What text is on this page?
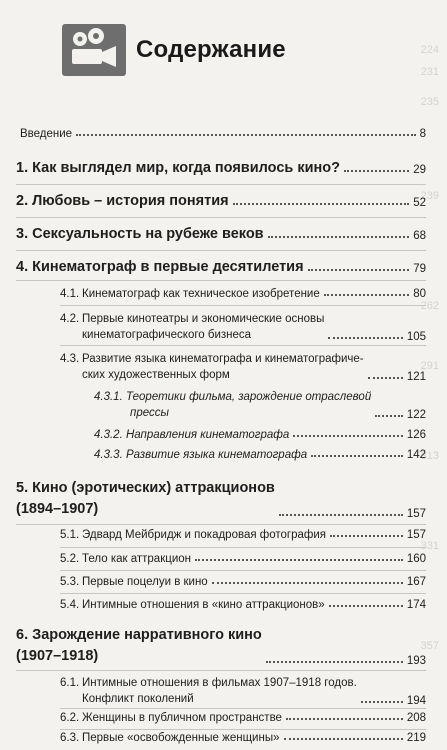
224
231
235
239
262
291
313
331
357
Содержание
Введение	8
1. Как выглядел мир, когда появилось кино?	29
2. Любовь – история понятия	52
3. Сексуальность на рубеже веков	68
4. Кинематограф в первые десятилетия	79
4.1. Кинематограф как техническое изобретение	80
4.2. Первые кинотеатры и экономические основы
кинематографического бизнеса	105
4.3. Развитие языка кинематографа и кинематографиче-
ских художественных форм	121
4.3.1. Теоретики фильма, зарождение отраслевой
прессы	122
4.3.2. Направления кинематографа	126
4.3.3. Развитие языка кинематографа	142
5. Кино (эротических) аттракционов
(1894–1907)	157
5.1. Эдвард Мейбридж и покадровая фотография	157
5.2. Тело как аттракцион	160
5.3. Первые поцелуи в кино	167
5.4. Интимные отношения в «кино аттракционов»	174
6. Зарождение нарративного кино
(1907–1918)	193
6.1. Интимные отношения в фильмах 1907–1918 годов.
Конфликт поколений	194
6.2. Женщины в публичном пространстве	208
6.3. Первые «освобожденные женщины»	219
